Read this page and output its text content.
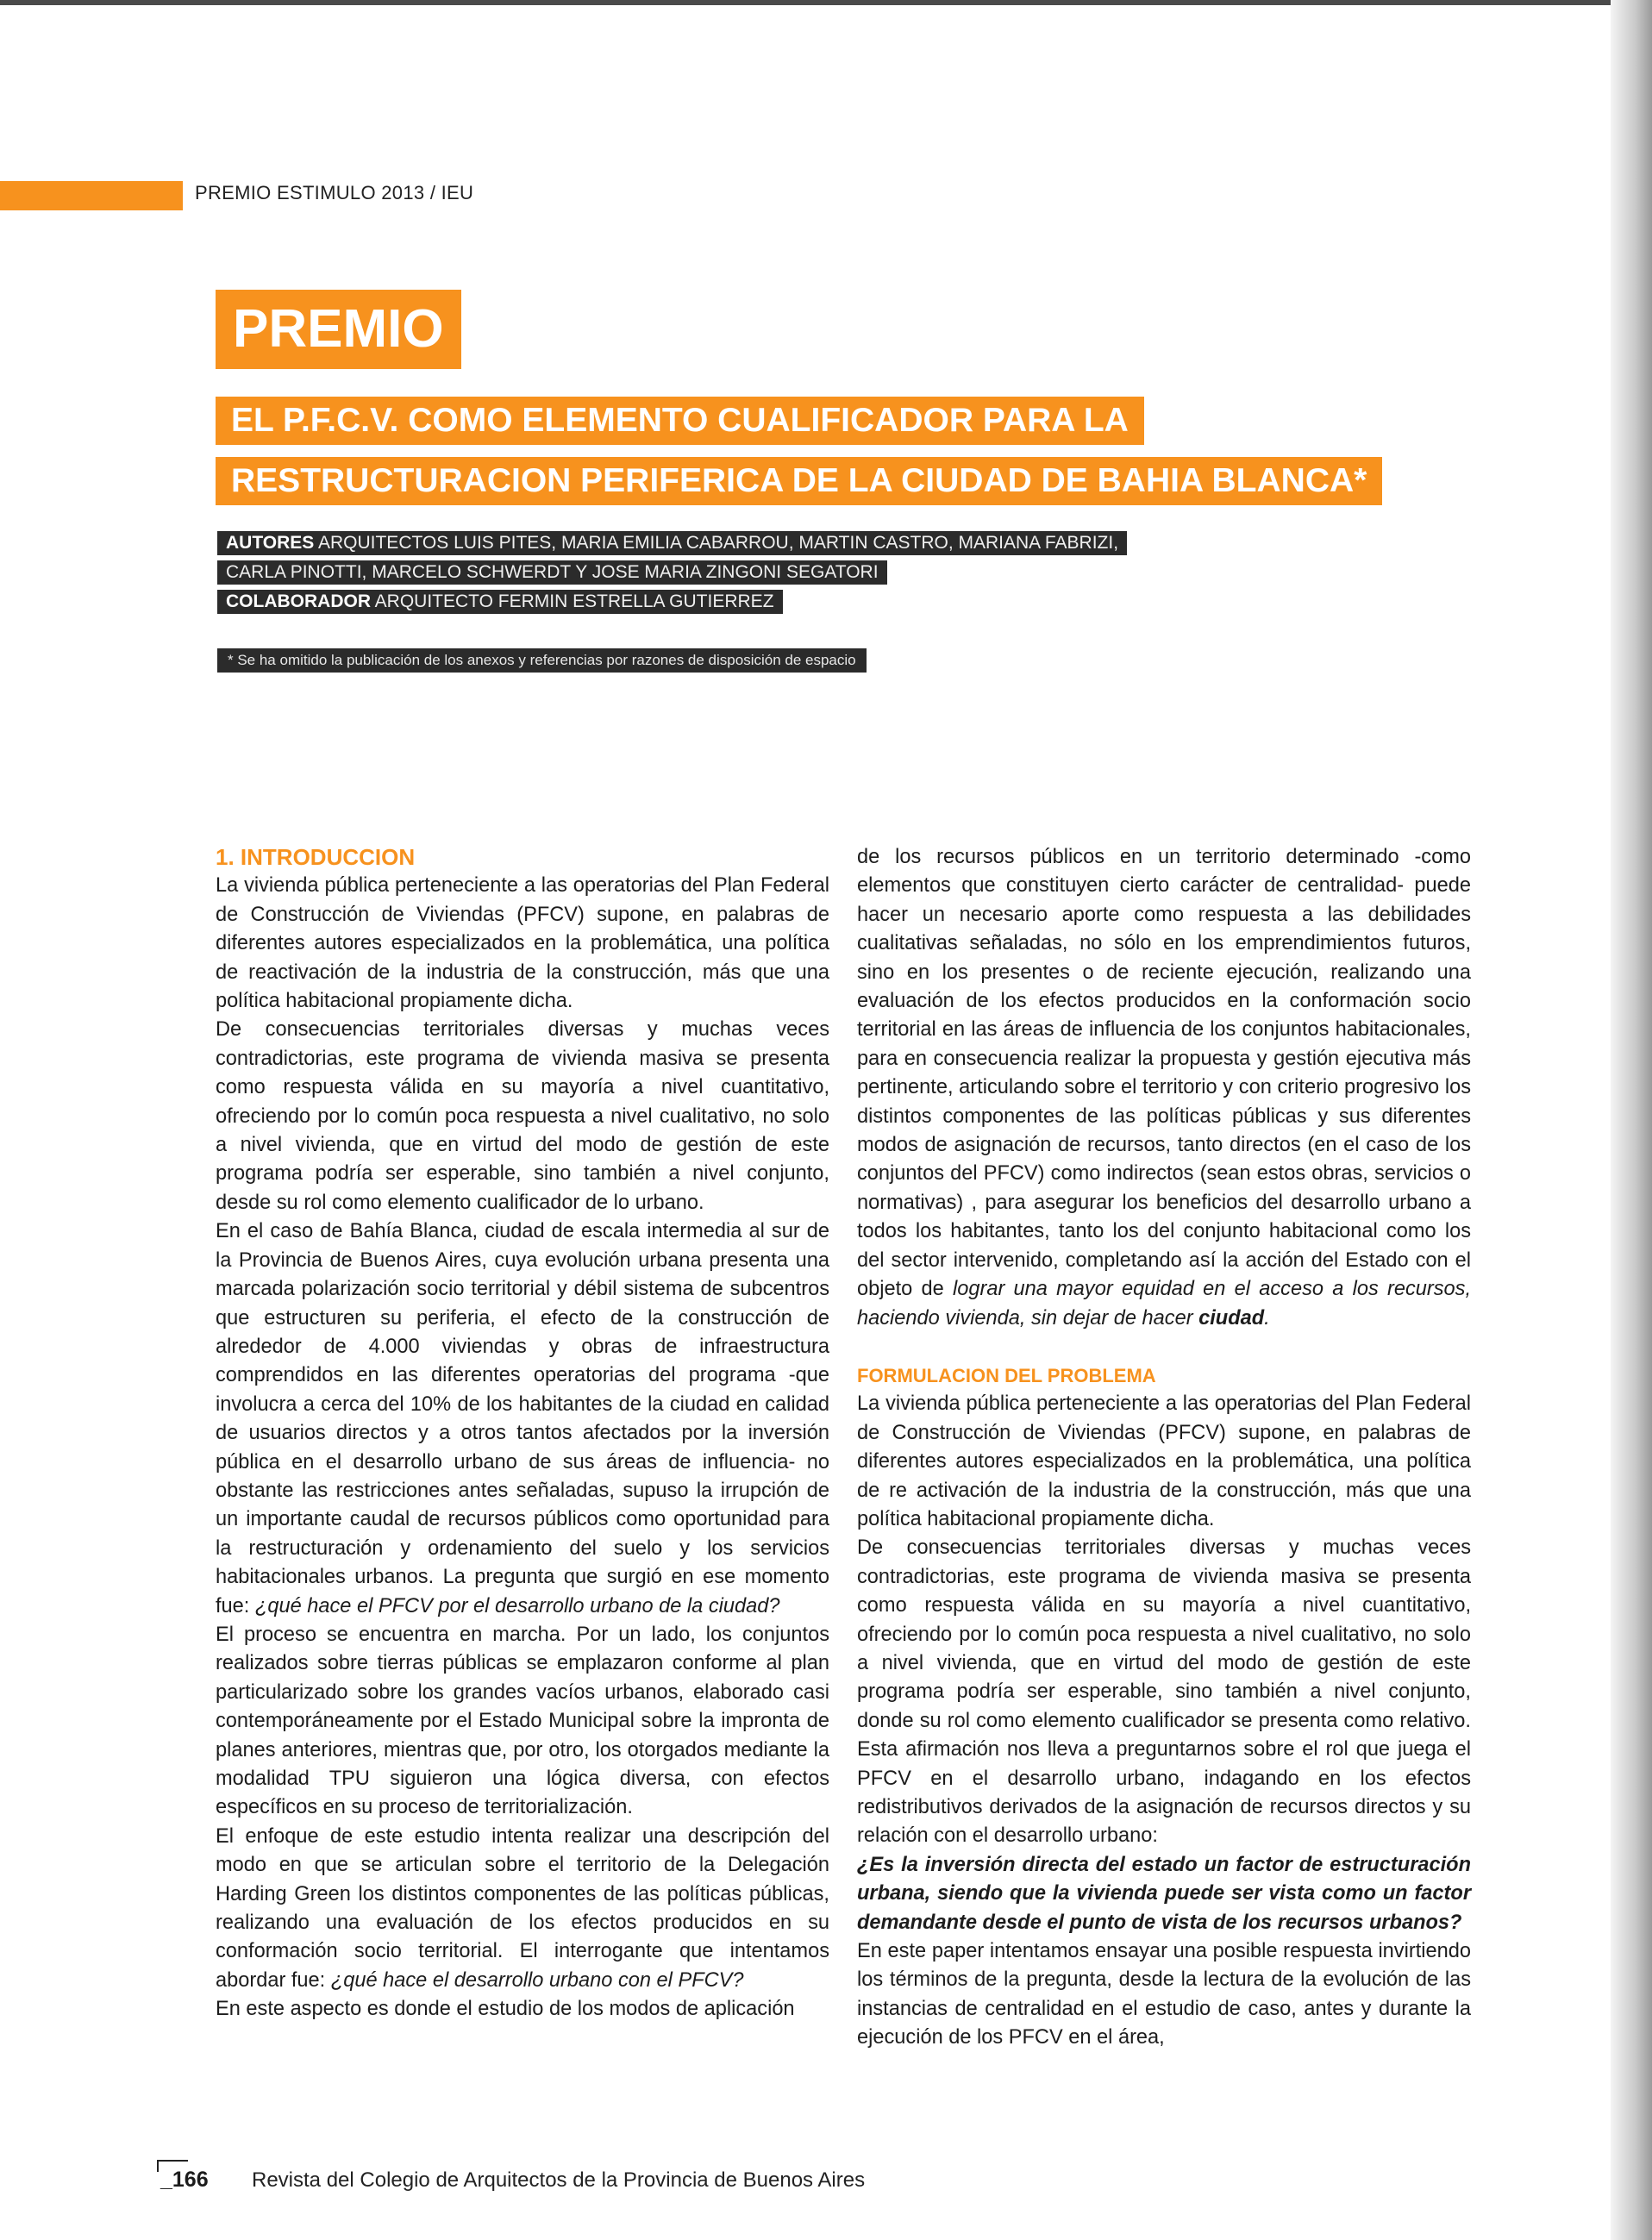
PREMIO ESTIMULO 2013 / IEU
PREMIO
EL P.F.C.V. COMO ELEMENTO CUALIFICADOR PARA LA
RESTRUCTURACION PERIFERICA DE LA CIUDAD DE BAHIA BLANCA*
AUTORES ARQUITECTOS LUIS PITES, MARIA EMILIA CABARROU, MARTIN CASTRO, MARIANA FABRIZI,
CARLA PINOTTI, MARCELO SCHWERDT Y JOSE MARIA ZINGONI SEGATORI
COLABORADOR ARQUITECTO FERMIN ESTRELLA GUTIERREZ
* Se ha omitido la publicación de los anexos y referencias por razones de disposición de espacio

1. INTRODUCCION

La vivienda pública perteneciente a las operatorias del Plan Federal de Construcción de Viviendas (PFCV) supone, en palabras de diferentes autores especializados en la problemática, una política de reactivación de la industria de la construcción, más que una política habitacional propiamente dicha.

De consecuencias territoriales diversas y muchas veces contradictorias, este programa de vivienda masiva se presenta como respuesta válida en su mayoría a nivel cuantitativo, ofreciendo por lo común poca respuesta a nivel cualitativo, no solo a nivel vivienda, que en virtud del modo de gestión de este programa podría ser esperable, sino también a nivel conjunto, desde su rol como elemento cualificador de lo urbano.

En el caso de Bahía Blanca, ciudad de escala intermedia al sur de la Provincia de Buenos Aires, cuya evolución urbana presenta una marcada polarización socio territorial y débil sistema de subcentros que estructuren su periferia, el efecto de la construcción de alrededor de 4.000 viviendas y obras de infraestructura comprendidos en las diferentes operatorias del programa -que involucra a cerca del 10% de los habitantes de la ciudad en calidad de usuarios directos y a otros tantos afectados por la inversión pública en el desarrollo urbano de sus áreas de influencia- no obstante las restricciones antes señaladas, supuso la irrupción de un importante caudal de recursos públicos como oportunidad para la restructuración y ordenamiento del suelo y los servicios habitacionales urbanos. La pregunta que surgió en ese momento fue: ¿qué hace el PFCV por el desarrollo urbano de la ciudad?

El proceso se encuentra en marcha. Por un lado, los conjuntos realizados sobre tierras públicas se emplazaron conforme al plan particularizado sobre los grandes vacíos urbanos, elaborado casi contemporáneamente por el Estado Municipal sobre la impronta de planes anteriores, mientras que, por otro, los otorgados mediante la modalidad TPU siguieron una lógica diversa, con efectos específicos en su proceso de territorialización.

El enfoque de este estudio intenta realizar una descripción del modo en que se articulan sobre el territorio de la Delegación Harding Green los distintos componentes de las políticas públicas, realizando una evaluación de los efectos producidos en su conformación socio territorial. El interrogante que intentamos abordar fue: ¿qué hace el desarrollo urbano con el PFCV?

En este aspecto es donde el estudio de los modos de aplicación

de los recursos públicos en un territorio determinado -como elementos que constituyen cierto carácter de centralidad- puede hacer un necesario aporte como respuesta a las debilidades cualitativas señaladas, no sólo en los emprendimientos futuros, sino en los presentes o de reciente ejecución, realizando una evaluación de los efectos producidos en la conformación socio territorial en las áreas de influencia de los conjuntos habitacionales, para en consecuencia realizar la propuesta y gestión ejecutiva más pertinente, articulando sobre el territorio y con criterio progresivo los distintos componentes de las políticas públicas y sus diferentes modos de asignación de recursos, tanto directos (en el caso de los conjuntos del PFCV) como indirectos (sean estos obras, servicios o normativas) , para asegurar los beneficios del desarrollo urbano a todos los habitantes, tanto los del conjunto habitacional como los del sector intervenido, completando así la acción del Estado con el objeto de lograr una mayor equidad en el acceso a los recursos, haciendo vivienda, sin dejar de hacer ciudad.

FORMULACION DEL PROBLEMA

La vivienda pública perteneciente a las operatorias del Plan Federal de Construcción de Viviendas (PFCV) supone, en palabras de diferentes autores especializados en la problemática, una política de re activación de la industria de la construcción, más que una política habitacional propiamente dicha.

De consecuencias territoriales diversas y muchas veces contradictorias, este programa de vivienda masiva se presenta como respuesta válida en su mayoría a nivel cuantitativo, ofreciendo por lo común poca respuesta a nivel cualitativo, no solo a nivel vivienda, que en virtud del modo de gestión de este programa podría ser esperable, sino también a nivel conjunto, donde su rol como elemento cualificador se presenta como relativo. Esta afirmación nos lleva a preguntarnos sobre el rol que juega el PFCV en el desarrollo urbano, indagando en los efectos redistributivos derivados de la asignación de recursos directos y su relación con el desarrollo urbano:

¿Es la inversión directa del estado un factor de estructuración urbana, siendo que la vivienda puede ser vista como un factor demandante desde el punto de vista de los recursos urbanos?

En este paper intentamos ensayar una posible respuesta invirtiendo los términos de la pregunta, desde la lectura de la evolución de las instancias de centralidad en el estudio de caso, antes y durante la ejecución de los PFCV en el área,

_166 Revista del Colegio de Arquitectos de la Provincia de Buenos Aires
